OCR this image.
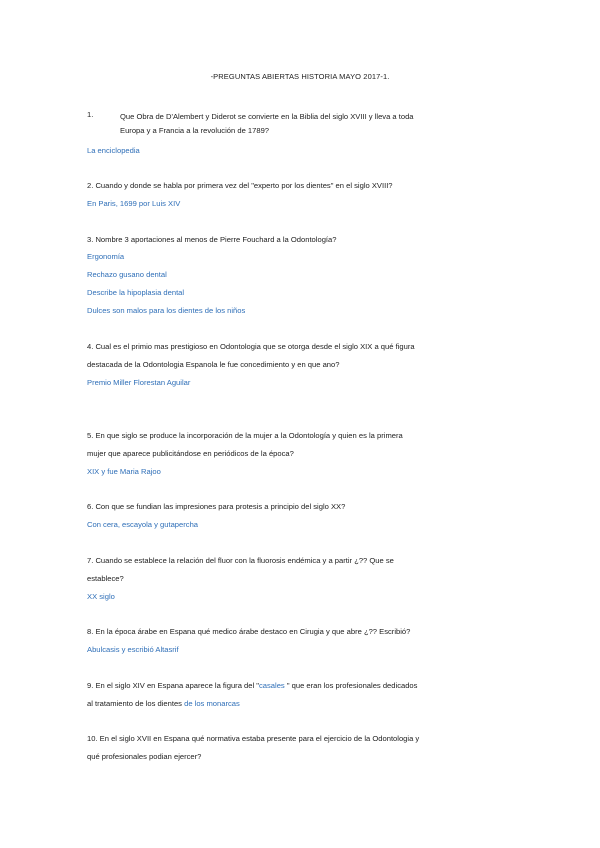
-PREGUNTAS ABIERTAS HISTORIA MAYO 2017-1.
1.	Que Obra de D'Alembert y Diderot se convierte en la Biblia del siglo XVIII y lleva a toda
Europa y a Francia a la revolución de 1789?
La enciclopedia
2. Cuando y donde se habla por primera vez del "experto por los dientes" en el siglo XVIII?
En Paris, 1699 por Luis XIV
3. Nombre 3 aportaciones al menos de Pierre Fouchard a la Odontología?
Ergonomía
Rechazo gusano dental
Describe la hipoplasia dental
Dulces son malos para los dientes de los niños
4. Cual es el primio mas prestigioso en Odontologia que se otorga desde el siglo XIX a qué figura
destacada de la Odontologia Espanola le fue concedimiento y en que ano?
Premio Miller Florestan Aguilar
5. En que siglo se produce la incorporación de la mujer a la Odontología y quien es la primera
mujer que aparece publicitándose en periódicos de la época?
XIX y fue Maria Rajoo
6. Con que se fundian las impresiones para protesis a principio del siglo XX?
Con cera, escayola y gutapercha
7. Cuando se establece la relación del fluor con la fluorosis endémica y a partir ¿?? Que se
establece?
XX siglo
8. En la época árabe en Espana qué medico árabe destaco en Cirugia y que abre ¿?? Escribió?
Abulcasis y escribió Altasrif
9. En el siglo XIV en Espana aparece la figura del "casales " que eran los profesionales dedicados
al tratamiento de los dientes de los monarcas
10. En el siglo XVII en Espana qué normativa estaba presente para el ejercicio de la Odontologia y
qué profesionales podian ejercer?
